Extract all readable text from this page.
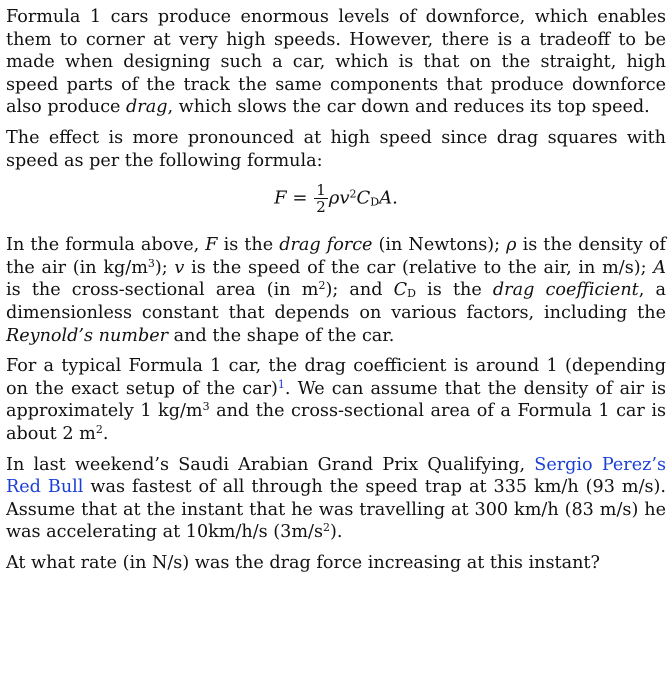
Formula 1 cars produce enormous levels of downforce, which enables them to corner at very high speeds. However, there is a tradeoff to be made when designing such a car, which is that on the straight, high speed parts of the track the same components that produce downforce also produce drag, which slows the car down and reduces its top speed.

The effect is more pronounced at high speed since drag squares with speed as per the following formula:

$F = \frac{1}{2} \rho v^2C_DA$.

In the formula above, F is the drag force (in Newtons); ρ is the density of the air (in $kg/m^3$); v is the speed of the car (relative to the air, in m/s); A is the cross-sectional area (in $m^2$); and $C_D$ is the drag coefficient, a dimensionless constant that depends on various factors, including the Reynold’s number and the shape of the car.

For a typical Formula 1 car, the drag coefficient is around 1 (depending on the exact setup of the car)$^1$. We can assume that the density of air is approximately 1 $kg/m^3$ and the cross-sectional area of a Formula 1 car is about 2 $m^2$.

In last weekend’s Saudi Arabian Grand Prix Qualifying, Sergio Perez’s Red Bull was fastest of all through the speed trap at 335 km/h (93 m/s). Assume that at the instant that he was travelling at 300 km/h (83 m/s) he was accelerating at 10km/h/s $(3m/s^2)$.

At what rate (in N/s) was the drag force increasing at this instant?
